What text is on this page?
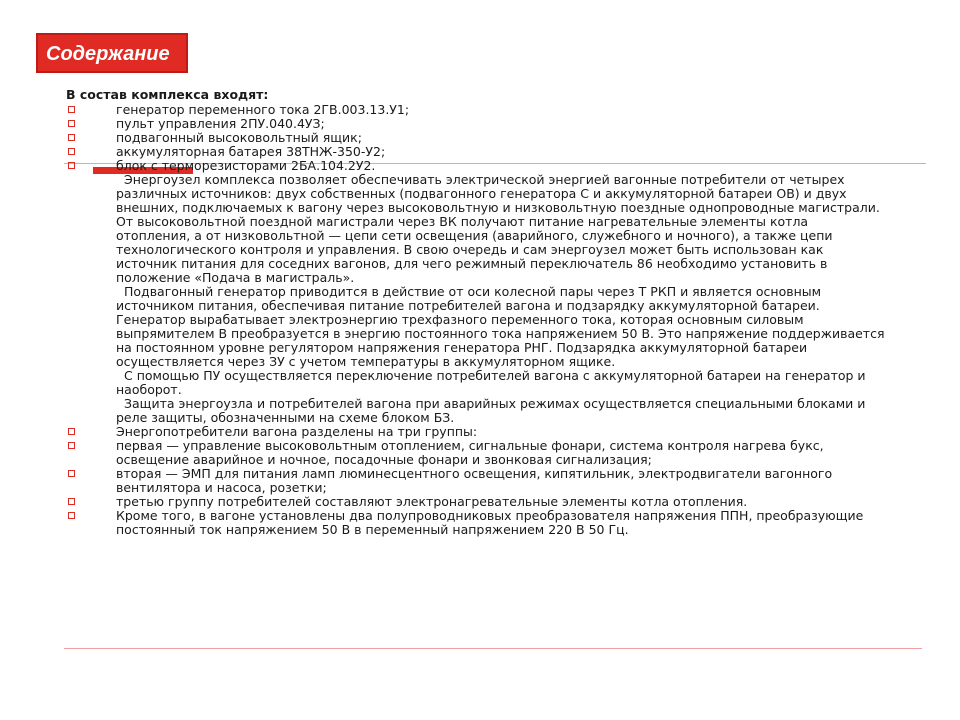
Содержание
В состав комплекса входят:
генератор переменного тока 2ГВ.003.13.У1;
пульт управления 2ПУ.040.4УЗ;
подвагонный высоковольтный ящик;
аккумуляторная батарея 38ТНЖ-350-У2;
блок с терморезисторами 2БА.104.2У2.

Энергоузел комплекса позволяет обеспечивать электрической энергией вагонные потребители от четырех различных источников: двух собственных (подвагонного генератора С и аккумуляторной батареи ОВ) и двух внешних, подключаемых к вагону через высоковольтную и низковольтную поездные однопроводные магистрали. От высоковольтной поездной магистрали через ВК получают питание нагревательные элементы котла отопления, а от низковольтной — цепи сети освещения (аварийного, служебного и ночного), а также цепи технологического контроля и управления. В свою очередь и сам энергоузел может быть использован как источник питания для соседних вагонов, для чего режимный переключатель 86 необходимо установить в положение «Подача в магистраль».

Подвагонный генератор приводится в действие от оси колесной пары через Т РКП и является основным источником питания, обеспечивая питание потребителей вагона и подзарядку аккумуляторной батареи. Генератор вырабатывает электроэнергию трехфазного переменного тока, которая основным силовым выпрямителем В преобразуется в энергию постоянного тока напряжением 50 В. Это напряжение поддерживается на постоянном уровне регулятором напряжения генератора РНГ. Подзарядка аккумуляторной батареи осуществляется через ЗУ с учетом температуры в аккумуляторном ящике.

С помощью ПУ осуществляется переключение потребителей вагона с аккумуляторной батареи на генератор и наоборот.

Защита энергоузла и потребителей вагона при аварийных режимах осуществляется специальными блоками и реле защиты, обозначенными на схеме блоком БЗ.

Энергопотребители вагона разделены на три группы:
первая — управление высоковольтным отоплением, сигнальные фонари, система контроля нагрева букс, освещение аварийное и ночное, посадочные фонари и звонковая сигнализация;
вторая — ЭМП для питания ламп люминесцентного освещения, кипятильник, электродвигатели вагонного вентилятора и насоса, розетки;
третью группу потребителей составляют электронагревательные элементы котла отопления.
Кроме того, в вагоне установлены два полупроводниковых преобразователя напряжения ППН, преобразующие постоянный ток напряжением 50 В в переменный напряжением 220 В 50 Гц.
